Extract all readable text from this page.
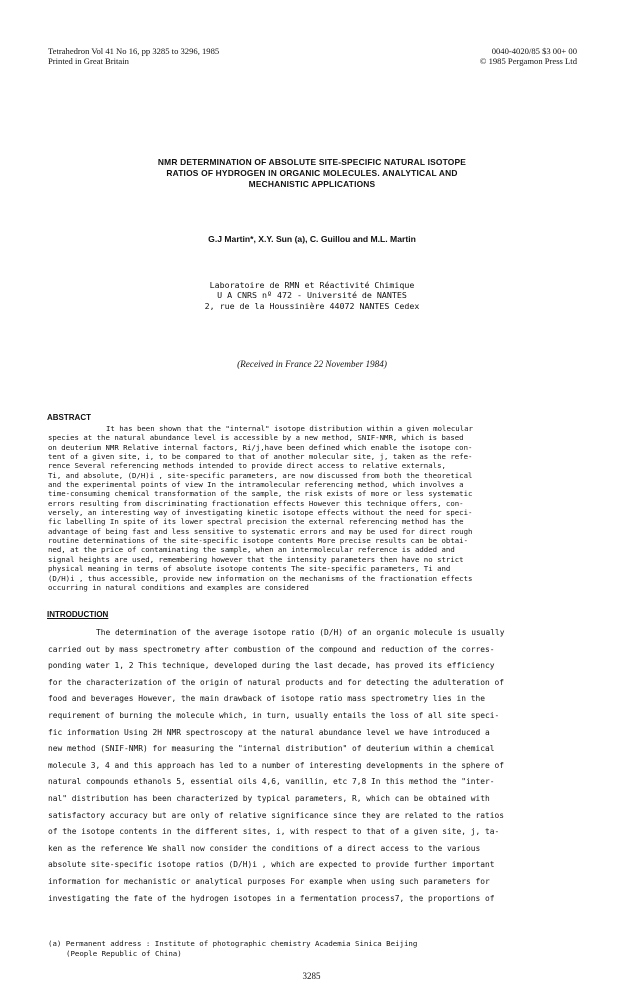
Tetrahedron Vol 41 No 16, pp 3285 to 3296, 1985
Printed in Great Britain
0040-4020/85 $3 00+ 00
© 1985 Pergamon Press Ltd
NMR DETERMINATION OF ABSOLUTE SITE-SPECIFIC NATURAL ISOTOPE
RATIOS OF HYDROGEN IN ORGANIC MOLECULES. ANALYTICAL AND
MECHANISTIC APPLICATIONS
G.J Martin*, X.Y. Sun (a), C. Guillou and M.L. Martin
Laboratoire de RMN et Réactivité Chimique
U A CNRS nº 472 - Université de NANTES
2, rue de la Houssinière 44072 NANTES Cedex
(Received in France 22 November 1984)
ABSTRACT
It has been shown that the "internal" isotope distribution within a given molecular
species at the natural abundance level is accessible by a new method, SNIF-NMR, which is based
on deuterium NMR Relative internal factors, Ri/j,have been defined which enable the isotope con-
tent of a given site, i, to be compared to that of another molecular site, j, taken as the refe-
rence Several referencing methods intended to provide direct access to relative externals,
Ti, and absolute, (D/H)i , site-specific parameters, are now discussed from both the theoretical
and the experimental points of view In the intramolecular referencing method, which involves a
time-consuming chemical transformation of the sample, the risk exists of more or less systematic
errors resulting from discriminating fractionation effects However this technique offers, con-
versely, an interesting way of investigating kinetic isotope effects without the need for speci-
fic labelling In spite of its lower spectral precision the external referencing method has the
advantage of being fast and less sensitive to systematic errors and may be used for direct rough
routine determinations of the site-specific isotope contents More precise results can be obtai-
ned, at the price of contaminating the sample, when an intermolecular reference is added and
signal heights are used, remembering however that the intensity parameters then have no strict
physical meaning in terms of absolute isotope contents The site-specific parameters, Ti and
(D/H)i , thus accessible, provide new information on the mechanisms of the fractionation effects
occurring in natural conditions and examples are considered
INTRODUCTION
The determination of the average isotope ratio (D/H) of an organic molecule is usually
carried out by mass spectrometry after combustion of the compound and reduction of the corres-
ponding water 1, 2 This technique, developed during the last decade, has proved its efficiency
for the characterization of the origin of natural products and for detecting the adulteration of
food and beverages However, the main drawback of isotope ratio mass spectrometry lies in the
requirement of burning the molecule which, in turn, usually entails the loss of all site speci-
fic information Using 2H NMR spectroscopy at the natural abundance level we have introduced a
new method (SNIF-NMR) for measuring the "internal distribution" of deuterium within a chemical
molecule 3, 4 and this approach has led to a number of interesting developments in the sphere of
natural compounds ethanols 5, essential oils 4,6, vanillin, etc 7,8 In this method the "inter-
nal" distribution has been characterized by typical parameters, R, which can be obtained with
satisfactory accuracy but are only of relative significance since they are related to the ratios
of the isotope contents in the different sites, i, with respect to that of a given site, j, ta-
ken as the reference We shall now consider the conditions of a direct access to the various
absolute site-specific isotope ratios (D/H)i , which are expected to provide further important
information for mechanistic or analytical purposes For example when using such parameters for
investigating the fate of the hydrogen isotopes in a fermentation process7, the proportions of
(a) Permanent address : Institute of photographic chemistry Academia Sinica Beijing
(People Republic of China)
3285
